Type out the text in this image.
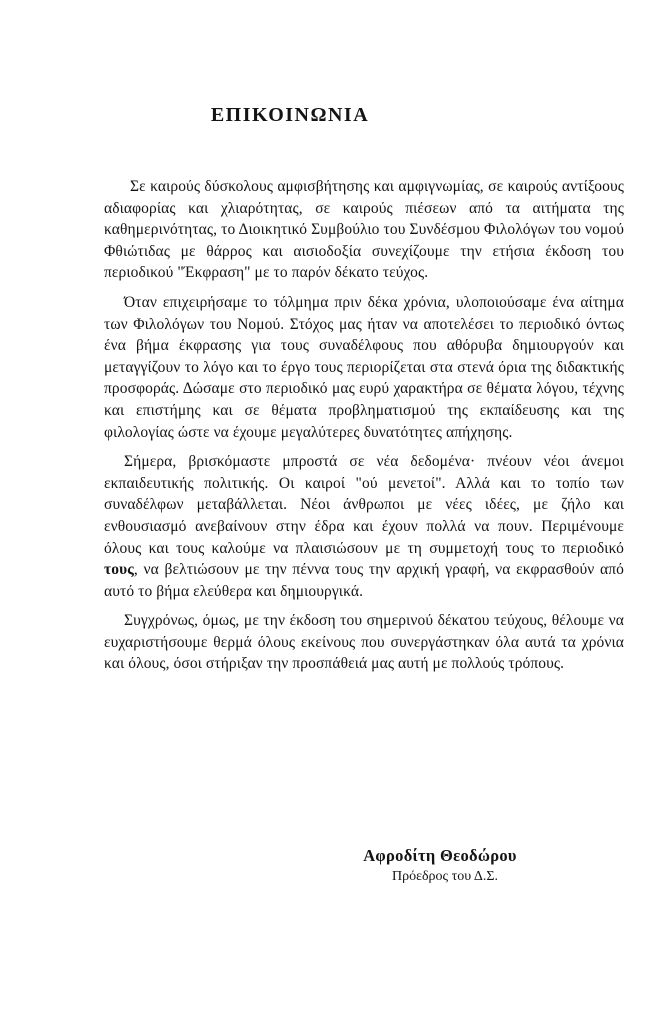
ΕΠΙΚΟΙΝΩΝΙΑ

Σε καιρούς δύσκολους αμφισβήτησης και αμφιγνωμίας, σε καιρούς αντίξοους αδιαφορίας και χλιαρότητας, σε καιρούς πιέσεων από τα αιτήματα της καθημερινότητας, το Διοικητικό Συμβούλιο του Συνδέσμου Φιλολόγων του νομού Φθιώτιδας με θάρρος και αισιοδοξία συνεχίζουμε την ετήσια έκδοση του περιοδικού "Έκφραση" με το παρόν δέκατο τεύχος.

Όταν επιχειρήσαμε το τόλμημα πριν δέκα χρόνια, υλοποιούσαμε ένα αίτημα των Φιλολόγων του Νομού. Στόχος μας ήταν να αποτελέσει το περιοδικό όντως ένα βήμα έκφρασης για τους συναδέλφους που αθόρυβα δημιουργούν και μεταγγίζουν το λόγο και το έργο τους περιορίζεται στα στενά όρια της διδακτικής προσφοράς. Δώσαμε στο περιοδικό μας ευρύ χαρακτήρα σε θέματα λόγου, τέχνης και επιστήμης και σε θέματα προβληματισμού της εκπαίδευσης και της φιλολογίας ώστε να έχουμε μεγαλύτερες δυνατότητες απήχησης.

Σήμερα, βρισκόμαστε μπροστά σε νέα δεδομένα· πνέουν νέοι άνεμοι εκπαιδευτικής πολιτικής. Οι καιροί "ού μενετοί". Αλλά και το τοπίο των συναδέλφων μεταβάλλεται. Νέοι άνθρωποι με νέες ιδέες, με ζήλο και ενθουσιασμό ανεβαίνουν στην έδρα και έχουν πολλά να πουν. Περιμένουμε όλους και τους καλούμε να πλαισιώσουν με τη συμμετοχή τους το περιοδικό τους, να βελτιώσουν με την πέννα τους την αρχική γραφή, να εκφρασθούν από αυτό το βήμα ελεύθερα και δημιουργικά.

Συγχρόνως, όμως, με την έκδοση του σημερινού δέκατου τεύχους, θέλουμε να ευχαριστήσουμε θερμά όλους εκείνους που συνεργάστηκαν όλα αυτά τα χρόνια και όλους, όσοι στήριξαν την προσπάθειά μας αυτή με πολλούς τρόπους.

Αφροδίτη Θεοδώρου
Πρόεδρος του Δ.Σ.
